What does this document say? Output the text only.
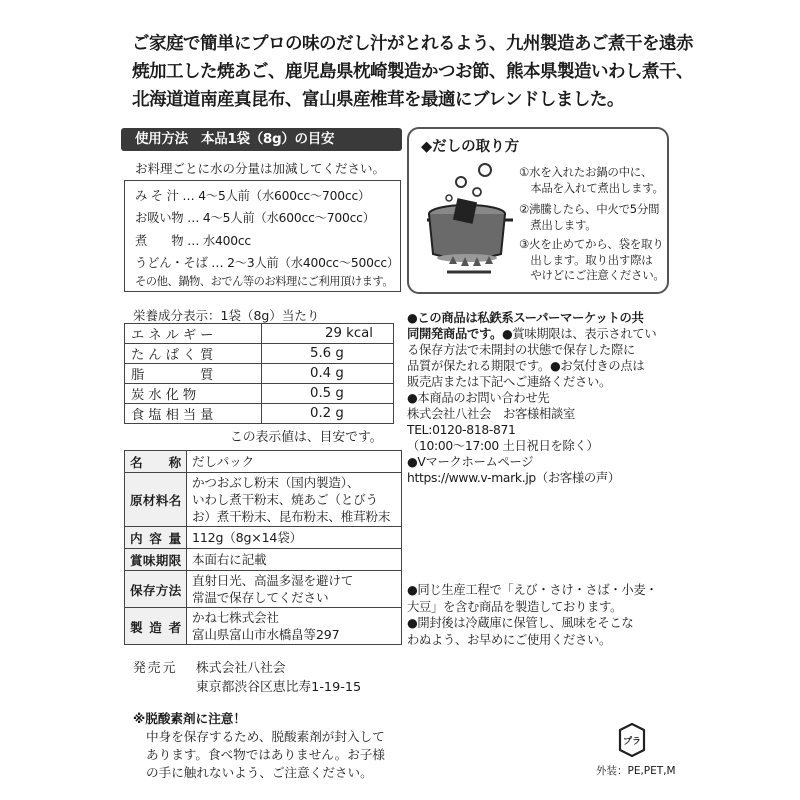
ご家庭で簡単にプロの味のだし汁がとれるよう、九州製造あご煮干を遠赤
焼加工した焼あご、鹿児島県枕崎製造かつお節、熊本県製造いわし煮干、
北海道道南産真昆布、富山県産椎茸を最適にブレンドしました。
使用方法　本品1袋（8g）の目安
お料理ごとに水の分量は加減してください。
み そ 汁 … 4～5人前（水600cc～700cc）
お吸い物 … 4～5人前（水600cc～700cc）
煮　　物 … 水400cc
うどん・そば … 2～3人前（水400cc～500cc）
その他、鍋物、おでん等のお料理にご利用頂けます。
◆だしの取り方
①水を入れたお鍋の中に、
　本品を入れて煮出します。
②沸騰したら、中火で5分間
　煮出します。
③火を止めてから、袋を取り
　出します。取り出す際は
　やけどにご注意ください。
栄養成分表示：1袋（8g）当たり
エネルギー	29 kcal
たんぱく質	5.6 g
脂　　　質	0.4 g
炭水化物	0.5 g
食塩相当量	0.2 g
この表示値は、目安です。
名　称	だしパック

原材料名	かつおぶし粉末（国内製造）、
いわし煮干粉末、焼あご（とびう
お）煮干粉末、昆布粉末、椎茸粉末

内容量	112g（8g×14袋）

賞味期限	本面右に記載

保存方法	直射日光、高温多湿を避けて
常温で保存してください

製造者	かね七株式会社
富山県富山市水橋畠等297
発売元 株式会社八社会
東京都渋谷区恵比寿1-19-15
※脱酸素剤に注意！
中身を保存するため、脱酸素剤が封入して
あります。食べ物ではありません。お子様
の手に触れないよう、ご注意ください。
●この商品は私鉄系スーパーマーケットの共
同開発商品です。●賞味期限は、表示されてい
る保存方法で未開封の状態で保存した際に
品質が保たれる期限です。●お気付きの点は
販売店または下記へご連絡ください。
●本商品のお問い合わせ先
株式会社八社会　お客様相談室
TEL:0120-818-871
（10:00～17:00 土日祝日を除く）
●Vマークホームページ
https://www.v-mark.jp（お客様の声）
●同じ生産工程で「えび・さけ・さば・小麦・
大豆」を含む商品を製造しております。
●開封後は冷蔵庫に保管し、風味をそこな
わぬよう、お早めにご使用ください。
プラ
外装：PE,PET,M
